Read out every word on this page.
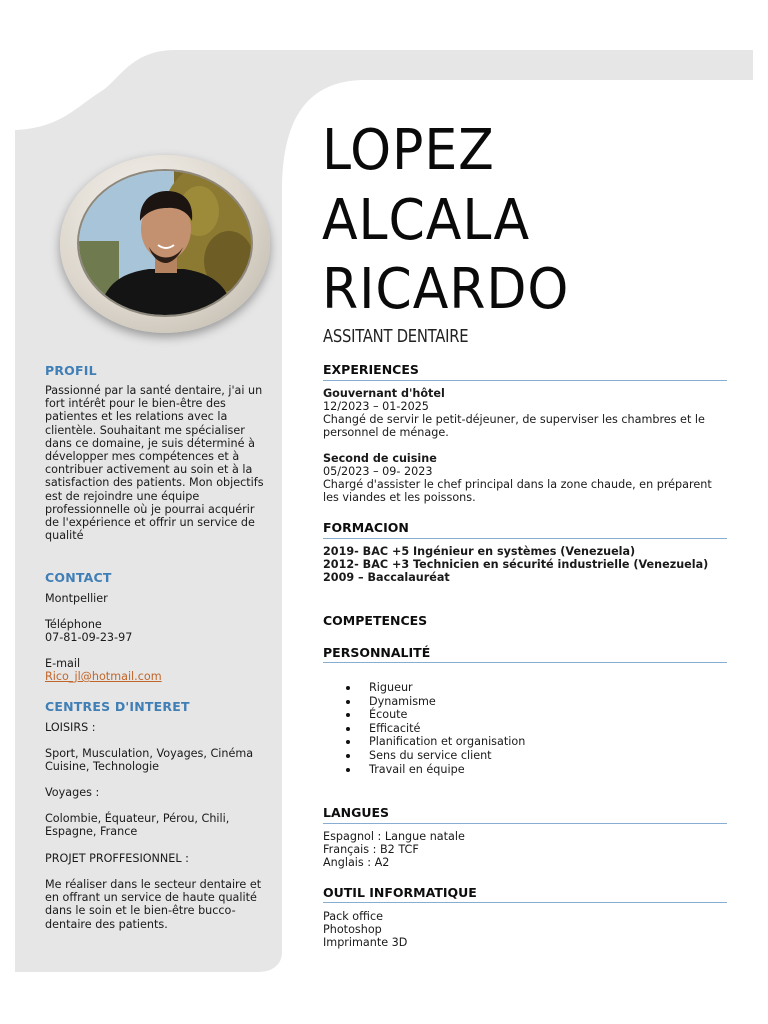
PROFIL
Passionné par la santé dentaire, j'ai un fort intérêt pour le bien-être des patientes et les relations avec la clientèle. Souhaitant me spécialiser dans ce domaine, je suis déterminé à développer mes compétences et à contribuer activement au soin et à la satisfaction des patients. Mon objectifs est de rejoindre une équipe professionnelle où je pourrai acquérir de l'expérience et offrir un service de qualité
CONTACT
Montpellier
Téléphone
07-81-09-23-97
E-mail
Rico_jl@hotmail.com
CENTRES D'INTERET
LOISIRS :
Sport, Musculation, Voyages, Cinéma Cuisine, Technologie
Voyages :
Colombie, Équateur, Pérou, Chili, Espagne, France
PROJET PROFFESIONNEL :
Me réaliser dans le secteur dentaire et en offrant un service de haute qualité dans le soin et le bien-être bucco-dentaire des patients.
LOPEZ
ALCALA
RICARDO
ASSITANT DENTAIRE
EXPERIENCES
Gouvernant d'hôtel
12/2023 – 01-2025
Changé de servir le petit-déjeuner, de superviser les chambres et le personnel de ménage.
Second de cuisine
05/2023 – 09- 2023
Chargé d'assister le chef principal dans la zone chaude, en préparent les viandes et les poissons.
FORMACION
2019- BAC +5 Ingénieur en systèmes (Venezuela)
2012- BAC +3 Technicien en sécurité industrielle (Venezuela)
2009 – Baccalauréat
COMPETENCES
PERSONNALITÉ
Rigueur
Dynamisme
Écoute
Efficacité
Planification et organisation
Sens du service client
Travail en équipe
LANGUES
Espagnol : Langue natale
Français : B2 TCF
Anglais : A2
OUTIL INFORMATIQUE
Pack office
Photoshop
Imprimante 3D
